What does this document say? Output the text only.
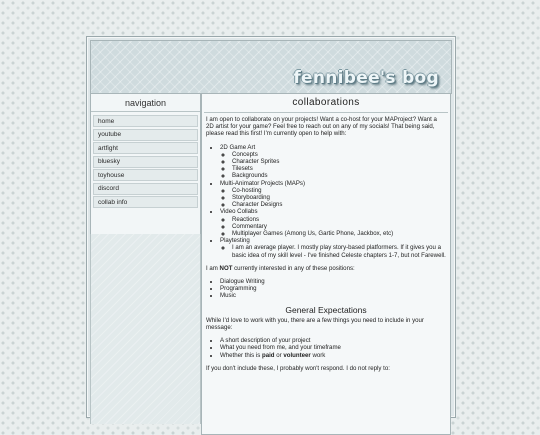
fennibee's bog
navigation
home
youtube
artfight
bluesky
toyhouse
discord
collab info
collaborations

I am open to collaborate on your projects! Want a co-host for your MAProject? Want a 2D artist for your game? Feel free to reach out on any of my socials! That being said, please read this first! I'm currently open to help with:

• 2D Game Art
◦ Concepts
◦ Character Sprites
◦ Tilesets
◦ Backgrounds
• Multi-Animator Projects (MAPs)
◦ Co-hosting
◦ Storyboarding
◦ Character Designs
• Video Collabs
◦ Reactions
◦ Commentary
◦ Multiplayer Games (Among Us, Gartic Phone, Jackbox, etc)
• Playtesting
◦ I am an average player. I mostly play story-based platformers. If it gives you a basic idea of my skill level - I've finished Celeste chapters 1-7, but not Farewell.

I am NOT currently interested in any of these positions:

• Dialogue Writing
• Programming
• Music
General Expectations

While I'd love to work with you, there are a few things you need to include in your message:

• A short description of your project
• What you need from me, and your timeframe
• Whether this is paid or volunteer work

If you don't include these, I probably won't respond. I do not reply to:
